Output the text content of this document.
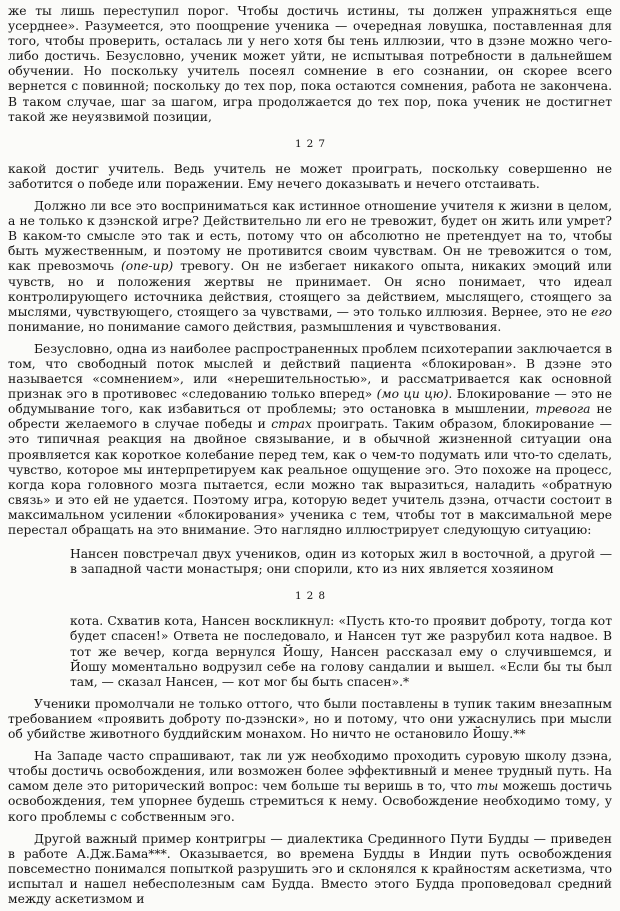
же ты лишь переступил порог. Чтобы достичь истины, ты должен упражняться еще усерднее». Разумеется, это поощрение ученика — очередная ловушка, поставленная для того, чтобы проверить, осталась ли у него хотя бы тень иллюзии, что в дзэне можно чего-либо достичь. Безусловно, ученик может уйти, не испытывая потребности в дальнейшем обучении. Но поскольку учитель посеял сомнение в его сознании, он скорее всего вернется с повинной; поскольку до тех пор, пока остаются сомнения, работа не закончена. В таком случае, шаг за шагом, игра продолжается до тех пор, пока ученик не достигнет такой же неуязвимой позиции,

127

какой достиг учитель. Ведь учитель не может проиграть, поскольку совершенно не заботится о победе или поражении. Ему нечего доказывать и нечего отстаивать.

Должно ли все это восприниматься как истинное отношение учителя к жизни в целом, а не только к дзэнской игре? Действительно ли его не тревожит, будет он жить или умрет? В каком-то смысле это так и есть, потому что он абсолютно не претендует на то, чтобы быть мужественным, и поэтому не противится своим чувствам. Он не тревожится о том, как превозмочь (one-up) тревогу. Он не избегает никакого опыта, никаких эмоций или чувств, но и положения жертвы не принимает. Он ясно понимает, что идеал контролирующего источника действия, стоящего за действием, мыслящего, стоящего за мыслями, чувствующего, стоящего за чувствами, — это только иллюзия. Вернее, это не его понимание, но понимание самого действия, размышления и чувствования.

Безусловно, одна из наиболее распространенных проблем психотерапии заключается в том, что свободный поток мыслей и действий пациента «блокирован». В дзэне это называется «сомнением», или «нерешительностью», и рассматривается как основной признак эго в противовес «следованию только вперед» (мо ци цю). Блокирование — это не обдумывание того, как избавиться от проблемы; это остановка в мышлении, тревога не обрести желаемого в случае победы и страх проиграть. Таким образом, блокирование — это типичная реакция на двойное связывание, и в обычной жизненной ситуации она проявляется как короткое колебание перед тем, как о чем-то подумать или что-то сделать, чувство, которое мы интерпретируем как реальное ощущение эго. Это похоже на процесс, когда кора головного мозга пытается, если можно так выразиться, наладить «обратную связь» и это ей не удается. Поэтому игра, которую ведет учитель дзэна, отчасти состоит в максимальном усилении «блокирования» ученика с тем, чтобы тот в максимальной мере перестал обращать на это внимание. Это наглядно иллюстрирует следующую ситуацию:

Нансен повстречал двух учеников, один из которых жил в восточной, а другой — в западной части монастыря; они спорили, кто из них является хозяином

128

кота. Схватив кота, Нансен воскликнул: «Пусть кто-то проявит доброту, тогда кот будет спасен!» Ответа не последовало, и Нансен тут же разрубил кота надвое. В тот же вечер, когда вернулся Йошу, Нансен рассказал ему о случившемся, и Йошу моментально водрузил себе на голову сандалии и вышел. «Если бы ты был там, — сказал Нансен, — кот мог бы быть спасен».*

Ученики промолчали не только оттого, что были поставлены в тупик таким внезапным требованием «проявить доброту по-дзэнски», но и потому, что они ужаснулись при мысли об убийстве животного буддийским монахом. Но ничто не остановило Йошу.**

На Западе часто спрашивают, так ли уж необходимо проходить суровую школу дзэна, чтобы достичь освобождения, или возможен более эффективный и менее трудный путь. На самом деле это риторический вопрос: чем больше ты веришь в то, что ты можешь достичь освобождения, тем упорнее будешь стремиться к нему. Освобождение необходимо тому, у кого проблемы с собственным эго.

Другой важный пример контригры — диалектика Срединного Пути Будды — приведен в работе А.Дж.Бама***. Оказывается, во времена Будды в Индии путь освобождения повсеместно понимался попыткой разрушить эго и склонялся к крайностям аскетизма, что испытал и нашел небесполезным сам Будда. Вместо этого Будда проповедовал средний между аскетизмом и
